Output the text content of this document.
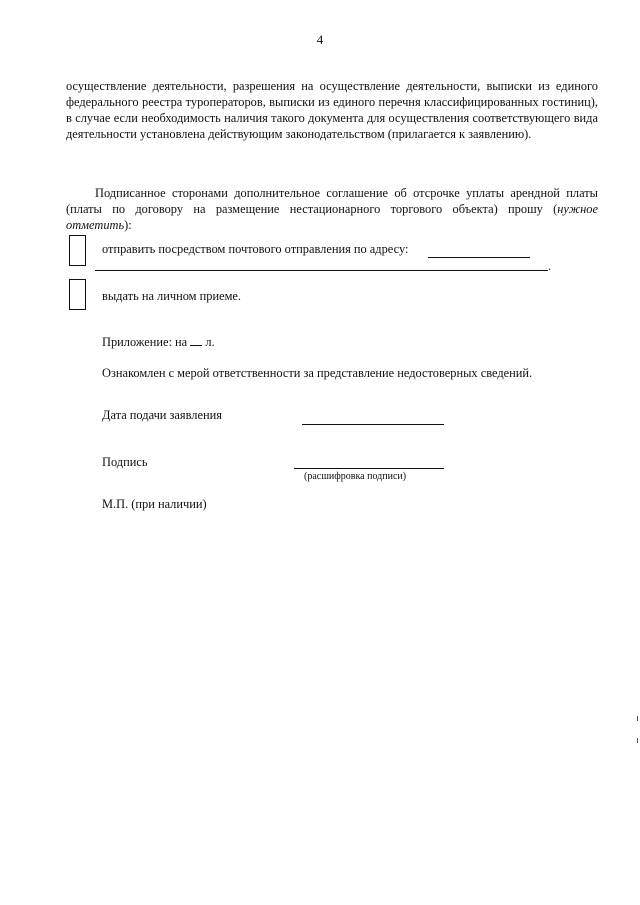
4

осуществление деятельности, разрешения на осуществление деятельности, выписки из единого федерального реестра туроператоров, выписки из единого перечня классифицированных гостиниц), в случае если необходимость наличия такого документа для осуществления соответствующего вида деятельности установлена действующим законодательством (прилагается к заявлению).

Подписанное сторонами дополнительное соглашение об отсрочке уплаты арендной платы (платы по договору на размещение нестационарного торгового объекта) прошу (нужное отметить):

отправить посредством почтового отправления по адресу:
.
выдать на личном приеме.
Приложение: на л.
Ознакомлен с мерой ответственности за представление недостоверных сведений.
Дата подачи заявления
Подпись
(расшифровка подписи)
М.П. (при наличии)
